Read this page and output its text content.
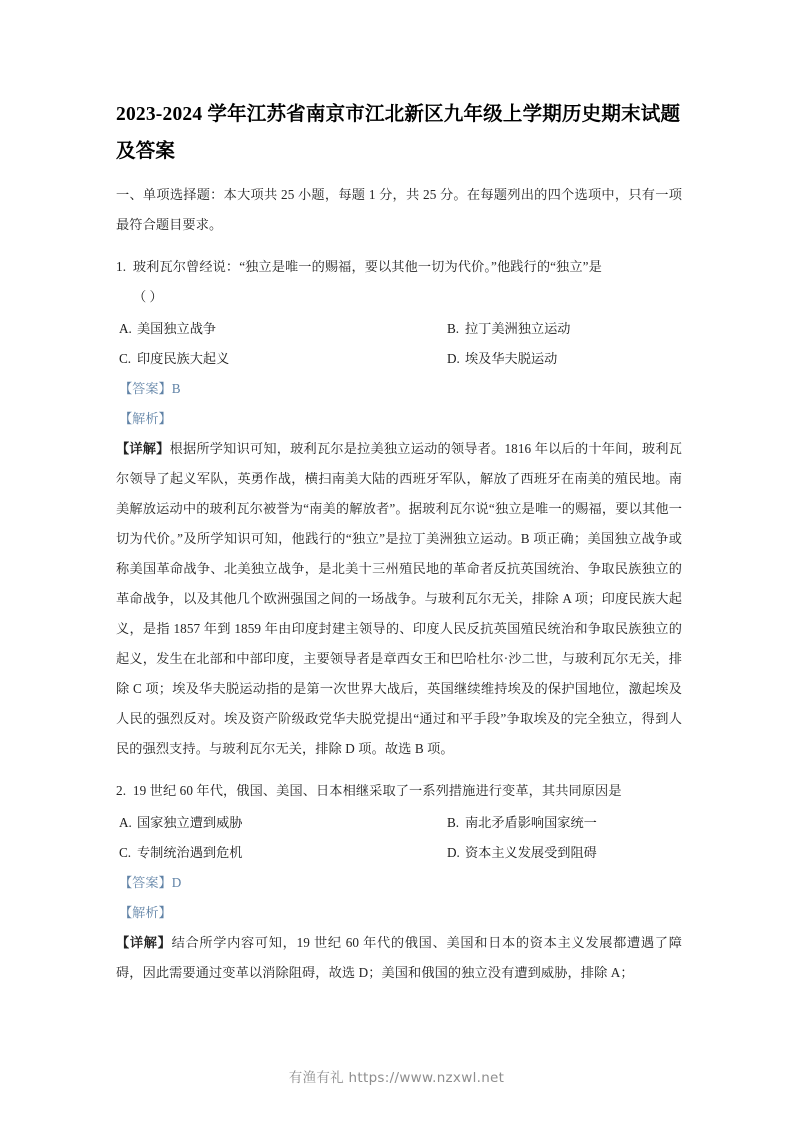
2023-2024 学年江苏省南京市江北新区九年级上学期历史期末试题及答案

一、单项选择题：本大项共 25 小题，每题 1 分，共 25 分。在每题列出的四个选项中，只有一项最符合题目要求。

1. 玻利瓦尔曾经说：“独立是唯一的赐福，要以其他一切为代价。”他践行的“独立”是

（ ）

A. 美国独立战争	B. 拉丁美洲独立运动
C. 印度民族大起义	D. 埃及华夫脱运动

【答案】B

【解析】

【详解】根据所学知识可知，玻利瓦尔是拉美独立运动的领导者。1816 年以后的十年间，玻利瓦尔领导了起义军队，英勇作战，横扫南美大陆的西班牙军队，解放了西班牙在南美的殖民地。南美解放运动中的玻利瓦尔被誉为“南美的解放者”。据玻利瓦尔说“独立是唯一的赐福，要以其他一切为代价。”及所学知识可知，他践行的“独立”是拉丁美洲独立运动。B 项正确；美国独立战争或称美国革命战争、北美独立战争，是北美十三州殖民地的革命者反抗英国统治、争取民族独立的革命战争，以及其他几个欧洲强国之间的一场战争。与玻利瓦尔无关，排除 A 项；印度民族大起义，是指 1857 年到 1859 年由印度封建主领导的、印度人民反抗英国殖民统治和争取民族独立的起义，发生在北部和中部印度，主要领导者是章西女王和巴哈杜尔·沙二世，与玻利瓦尔无关，排除 C 项；埃及华夫脱运动指的是第一次世界大战后，英国继续维持埃及的保护国地位，激起埃及人民的强烈反对。埃及资产阶级政党华夫脱党提出“通过和平手段”争取埃及的完全独立，得到人民的强烈支持。与玻利瓦尔无关，排除 D 项。故选 B 项。

2. 19 世纪 60 年代，俄国、美国、日本相继采取了一系列措施进行变革，其共同原因是

A. 国家独立遭到威胁	B. 南北矛盾影响国家统一
C. 专制统治遇到危机	D. 资本主义发展受到阻碍

【答案】D

【解析】

【详解】结合所学内容可知，19 世纪 60 年代的俄国、美国和日本的资本主义发展都遭遇了障碍，因此需要通过变革以消除阻碍，故选 D；美国和俄国的独立没有遭到威胁，排除 A；

有渔有礼 https://www.nzxwl.net
